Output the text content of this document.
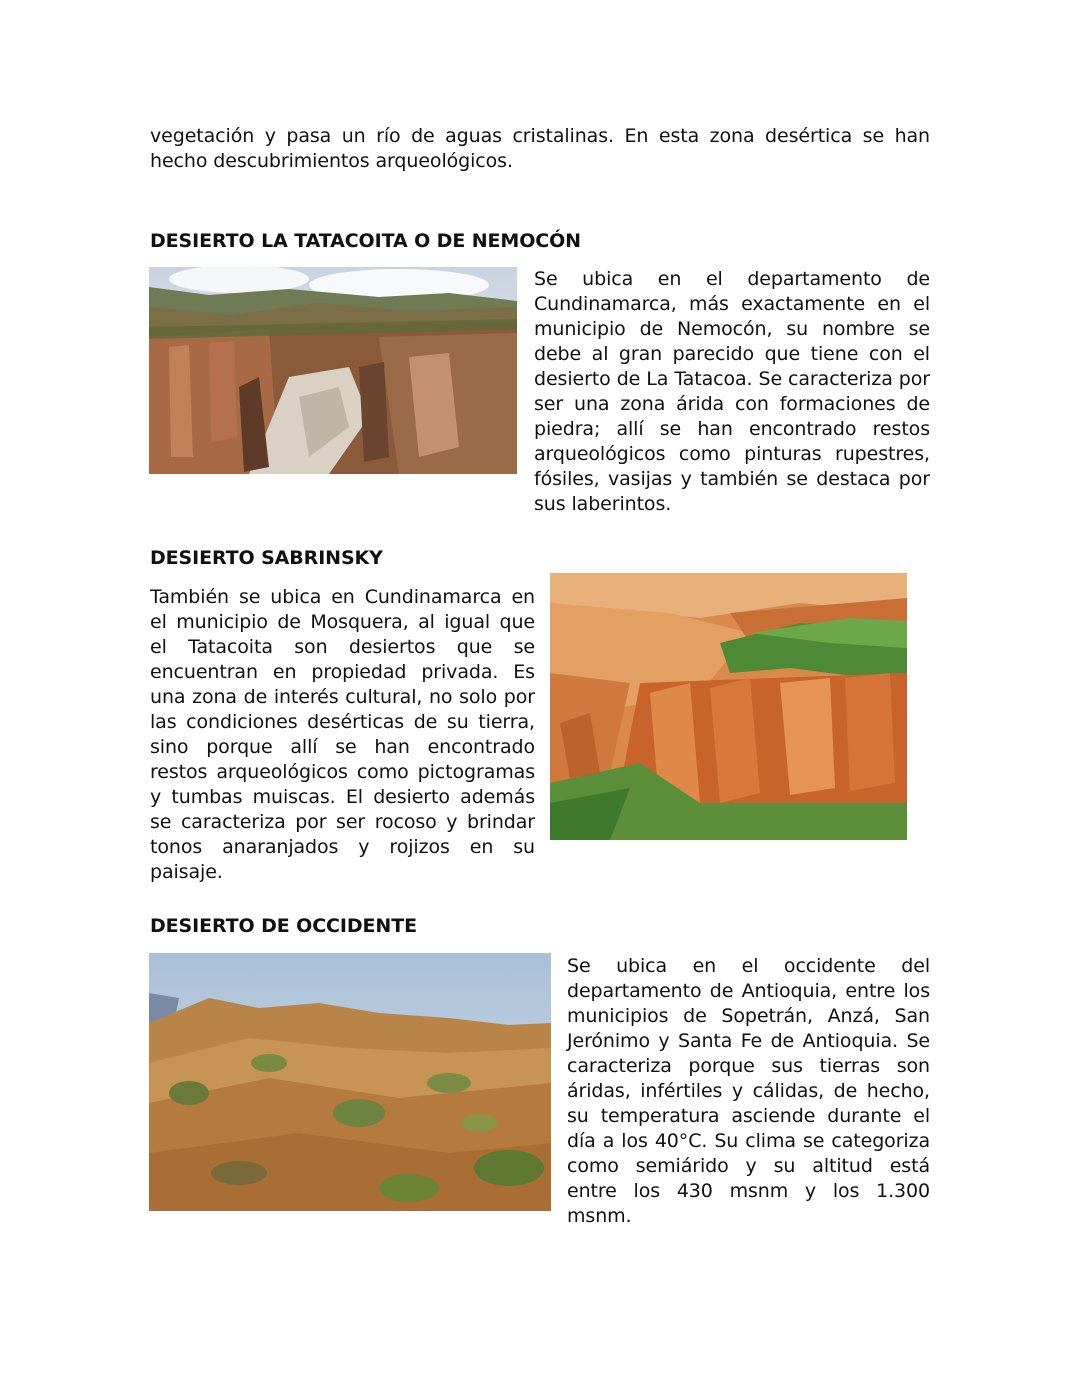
vegetación y pasa un río de aguas cristalinas. En esta zona desértica se han hecho descubrimientos arqueológicos.
DESIERTO LA TATACOITA O DE NEMOCÓN
Se ubica en el departamento de Cundinamarca, más exactamente en el municipio de Nemocón, su nombre se debe al gran parecido que tiene con el desierto de La Tatacoa. Se caracteriza por ser una zona árida con formaciones de piedra; allí se han encontrado restos arqueológicos como pinturas rupestres, fósiles, vasijas y también se destaca por sus laberintos.
DESIERTO SABRINSKY
También se ubica en Cundinamarca en el municipio de Mosquera, al igual que el Tatacoita son desiertos que se encuentran en propiedad privada. Es una zona de interés cultural, no solo por las condiciones desérticas de su tierra, sino porque allí se han encontrado restos arqueológicos como pictogramas y tumbas muiscas. El desierto además se caracteriza por ser rocoso y brindar tonos anaranjados y rojizos en su paisaje.
DESIERTO DE OCCIDENTE
Se ubica en el occidente del departamento de Antioquia, entre los municipios de Sopetrán, Anzá, San Jerónimo y Santa Fe de Antioquia. Se caracteriza porque sus tierras son áridas, infértiles y cálidas, de hecho, su temperatura asciende durante el día a los 40°C. Su clima se categoriza como semiárido y su altitud está entre los 430 msnm y los 1.300 msnm.
